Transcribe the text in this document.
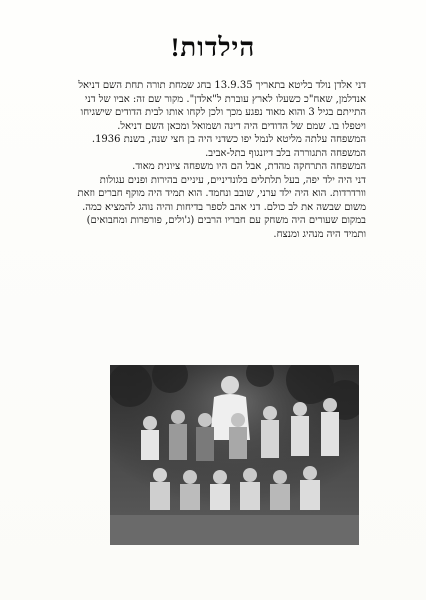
הילדות!

דני אלדן נולד בליטא בתאריך 13.9.35 בחג שמחת תורה תחת השם דניאל אנדלמן, שאח"כ כשעלו לארץ עוברת ל"אלדן". מקור שם זה: אביו של דני התייתם בגיל 3 והוא מאוד נפגע מכך ולכן לקחו אותו לבית הדודים שישגיחו ויטפלו בו. שמם של הדודים היה דינה ושמואל ומכאן השם דניאל.

המשפחה עלתה מליטא לנמל יפו כשדני היה בן חצי שנה, בשנת 1936. המשפחה התגוררה בלב דיזנגוף בתל-אביב.

המשפחה התרחקה מהדת, אבל הם היו משפחה ציונית מאוד.

דני היה ילד יפה, בעל תלתלים בלונדיניים, עיניים בהירות ופנים עגולות וורדרדות. הוא היה ילד ערני, שובב ונחמד. הוא תמיד היה מוקף חברים וזאת משום שבשה את לב כולם. דני אהב לספר בדיחות והיה נוהג להמציא כמה. במקום שעורים היה משחק עם חבריו הרבים (ג'ולים, פורפרות ומחבואים) ותמיד היה מנהיג ומנצח.
